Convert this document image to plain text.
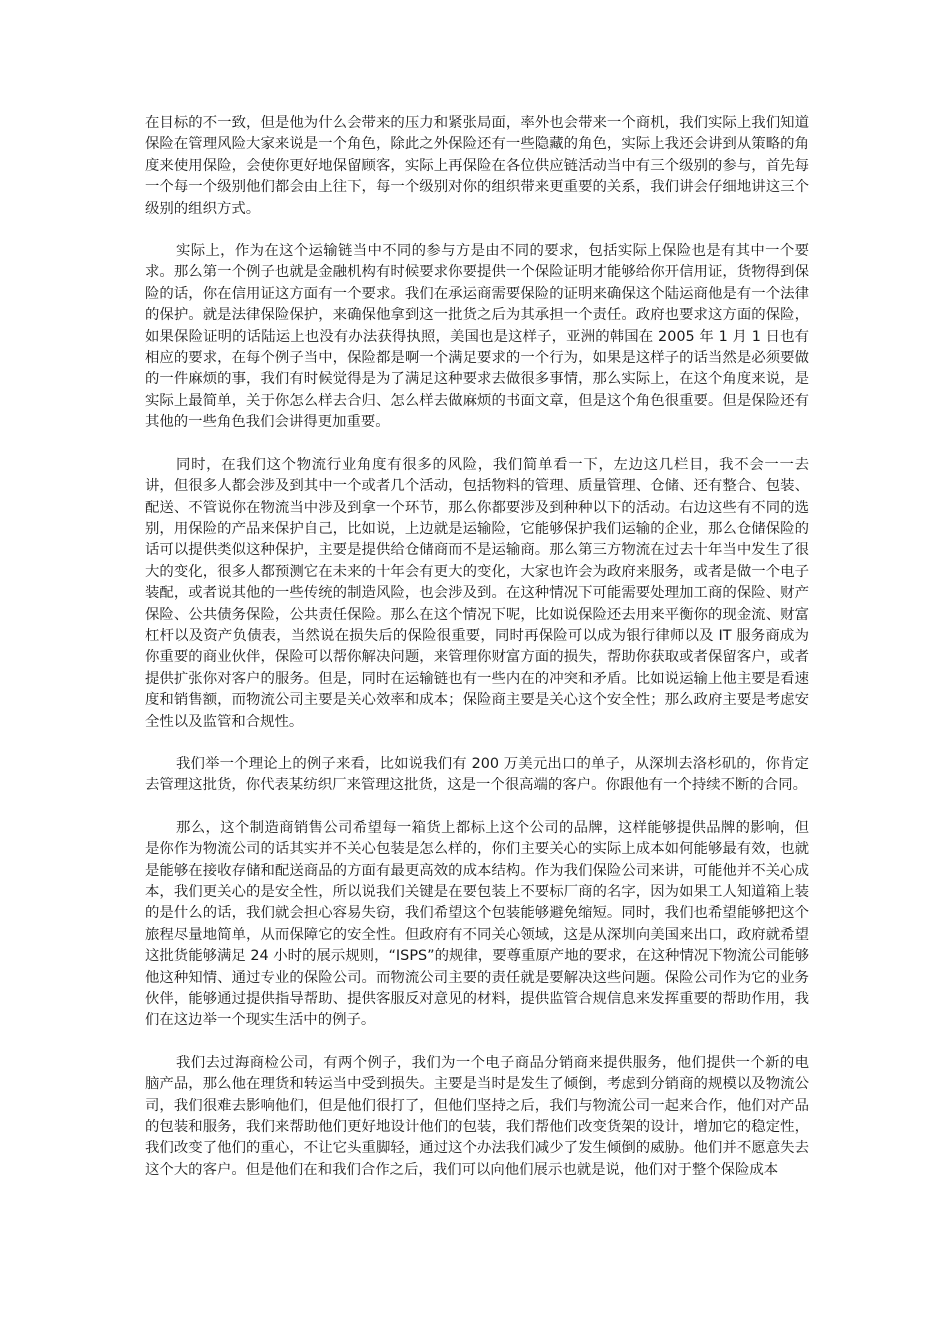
在目标的不一致，但是他为什么会带来的压力和紧张局面，率外也会带来一个商机，我们实际上我们知道保险在管理风险大家来说是一个角色，除此之外保险还有一些隐藏的角色，实际上我还会讲到从策略的角度来使用保险，会使你更好地保留顾客，实际上再保险在各位供应链活动当中有三个级别的参与，首先每一个每一个级别他们都会由上往下，每一个级别对你的组织带来更重要的关系，我们讲会仔细地讲这三个级别的组织方式。

实际上，作为在这个运输链当中不同的参与方是由不同的要求，包括实际上保险也是有其中一个要求。那么第一个例子也就是金融机构有时候要求你要提供一个保险证明才能够给你开信用证，货物得到保险的话，你在信用证这方面有一个要求。我们在承运商需要保险的证明来确保这个陆运商他是有一个法律的保护。就是法律保险保护，来确保他拿到这一批货之后为其承担一个责任。政府也要求这方面的保险，如果保险证明的话陆运上也没有办法获得执照，美国也是这样子，亚洲的韩国在 2005 年 1 月 1 日也有相应的要求，在每个例子当中，保险都是啊一个满足要求的一个行为，如果是这样子的话当然是必须要做的一件麻烦的事，我们有时候觉得是为了满足这种要求去做很多事情，那么实际上，在这个角度来说，是实际上最简单，关于你怎么样去合归、怎么样去做麻烦的书面文章，但是这个角色很重要。但是保险还有其他的一些角色我们会讲得更加重要。

同时，在我们这个物流行业角度有很多的风险，我们简单看一下，左边这几栏目，我不会一一去讲，但很多人都会涉及到其中一个或者几个活动，包括物料的管理、质量管理、仓储、还有整合、包装、配送、不管说你在物流当中涉及到拿一个环节，那么你都要涉及到种种以下的活动。右边这些有不同的选别，用保险的产品来保护自己，比如说，上边就是运输险，它能够保护我们运输的企业，那么仓储保险的话可以提供类似这种保护，主要是提供给仓储商而不是运输商。那么第三方物流在过去十年当中发生了很大的变化，很多人都预测它在未来的十年会有更大的变化，大家也许会为政府来服务，或者是做一个电子装配，或者说其他的一些传统的制造风险，也会涉及到。在这种情况下可能需要处理加工商的保险、财产保险、公共债务保险，公共责任保险。那么在这个情况下呢，比如说保险还去用来平衡你的现金流、财富杠杆以及资产负债表，当然说在损失后的保险很重要，同时再保险可以成为银行律师以及 IT 服务商成为你重要的商业伙伴，保险可以帮你解决问题，来管理你财富方面的损失，帮助你获取或者保留客户，或者提供扩张你对客户的服务。但是，同时在运输链也有一些内在的冲突和矛盾。比如说运输上他主要是看速度和销售额，而物流公司主要是关心效率和成本；保险商主要是关心这个安全性；那么政府主要是考虑安全性以及监管和合规性。

我们举一个理论上的例子来看，比如说我们有 200 万美元出口的单子，从深圳去洛杉矶的，你肯定去管理这批货，你代表某纺织厂来管理这批货，这是一个很高端的客户。你跟他有一个持续不断的合同。

那么，这个制造商销售公司希望每一箱货上都标上这个公司的品牌，这样能够提供品牌的影响，但是你作为物流公司的话其实并不关心包装是怎么样的，你们主要关心的实际上成本如何能够最有效，也就是能够在接收存储和配送商品的方面有最更高效的成本结构。作为我们保险公司来讲，可能他并不关心成本，我们更关心的是安全性，所以说我们关键是在要包装上不要标厂商的名字，因为如果工人知道箱上装的是什么的话，我们就会担心容易失窃，我们希望这个包装能够避免缩短。同时，我们也希望能够把这个旅程尽量地简单，从而保障它的安全性。但政府有不同关心领域，这是从深圳向美国来出口，政府就希望这批货能够满足 24 小时的展示规则，“ISPS”的规律，要尊重原产地的要求，在这种情况下物流公司能够他这种知情、通过专业的保险公司。而物流公司主要的责任就是要解决这些问题。保险公司作为它的业务伙伴，能够通过提供指导帮助、提供客服反对意见的材料，提供监管合规信息来发挥重要的帮助作用，我们在这边举一个现实生活中的例子。

我们去过海商检公司，有两个例子，我们为一个电子商品分销商来提供服务，他们提供一个新的电脑产品，那么他在理货和转运当中受到损失。主要是当时是发生了倾倒，考虑到分销商的规模以及物流公司，我们很难去影响他们，但是他们很打了，但他们坚持之后，我们与物流公司一起来合作，他们对产品的包装和服务，我们来帮助他们更好地设计他们的包装，我们帮他们改变货架的设计，增加它的稳定性，我们改变了他们的重心，不让它头重脚轻，通过这个办法我们减少了发生倾倒的威胁。他们并不愿意失去这个大的客户。但是他们在和我们合作之后，我们可以向他们展示也就是说，他们对于整个保险成本
